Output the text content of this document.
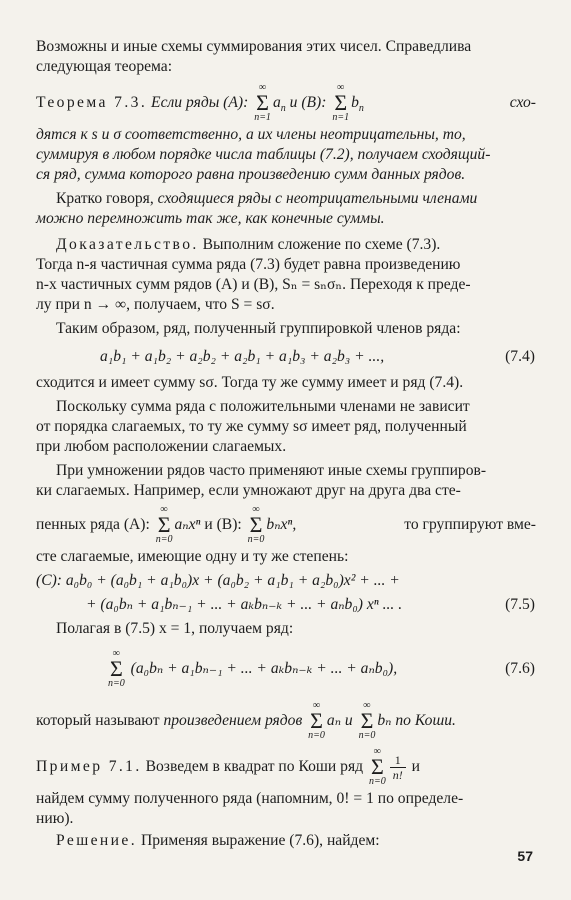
Возможны и иные схемы суммирования этих чисел. Справедлива

следующая теорема:

Теорема 7.3. Если ряды (A):
∞
Σ
n=1
$a_n$ и (B):
∞
Σ
n=1
$b_n$	схо-

дятся к s и σ соответственно, а их члены неотрицательны, то,

суммируя в любом порядке числа таблицы (7.2), получаем сходящий-

ся ряд, сумма которого равна произведению сумм данных рядов.

Кратко говоря, сходящиеся ряды с неотрицательными членами

можно перемножить так же, как конечные суммы.

Доказательство. Выполним сложение по схеме (7.3).

Тогда n-я частичная сумма ряда (7.3) будет равна произведению

n-х частичных сумм рядов (A) и (B), Sₙ = sₙσₙ. Переходя к преде-

лу при n → ∞, получаем, что S = sσ.

Таким образом, ряд, полученный группировкой членов ряда:

a₁b₁ + a₁b₂ + a₂b₂ + a₂b₁ + a₁b₃ + a₂b₃ + ...,	(7.4)

сходится и имеет сумму sσ. Тогда ту же сумму имеет и ряд (7.4).

Поскольку сумма ряда с положительными членами не зависит

от порядка слагаемых, то ту же сумму sσ имеет ряд, полученный

при любом расположении слагаемых.

При умножении рядов часто применяют иные схемы группиров-

ки слагаемых. Например, если умножают друг на друга два сте-

пенных ряда (A):
∞
Σ
n=0
aₙxⁿ и (B):
∞
Σ
n=0
bₙxⁿ,	то группируют вме-

сте слагаемые, имеющие одну и ту же степень:

(C): a₀b₀ + (a₀b₁ + a₁b₀)x + (a₀b₂ + a₁b₁ + a₂b₀)x² + ... +

+ (a₀bₙ + a₁bₙ₋₁ + ... + aₖbₙ₋ₖ + ... + aₙb₀) xⁿ ... .	(7.5)

Полагая в (7.5) x = 1, получаем ряд:

∞
Σ
n=0
(a₀bₙ + a₁bₙ₋₁ + ... + aₖbₙ₋ₖ + ... + aₙb₀),	(7.6)

который называют произведением рядов
∞
Σ
n=0
aₙ и
∞
Σ
n=0
bₙ по Коши.

Пример 7.1. Возведем в квадрат по Коши ряд
∞
Σ
$n=0 \frac{1}{n!}$ и

найдем сумму полученного ряда (напомним, 0! = 1 по определе-

нию).

Решение. Применяя выражение (7.6), найдем:

57
